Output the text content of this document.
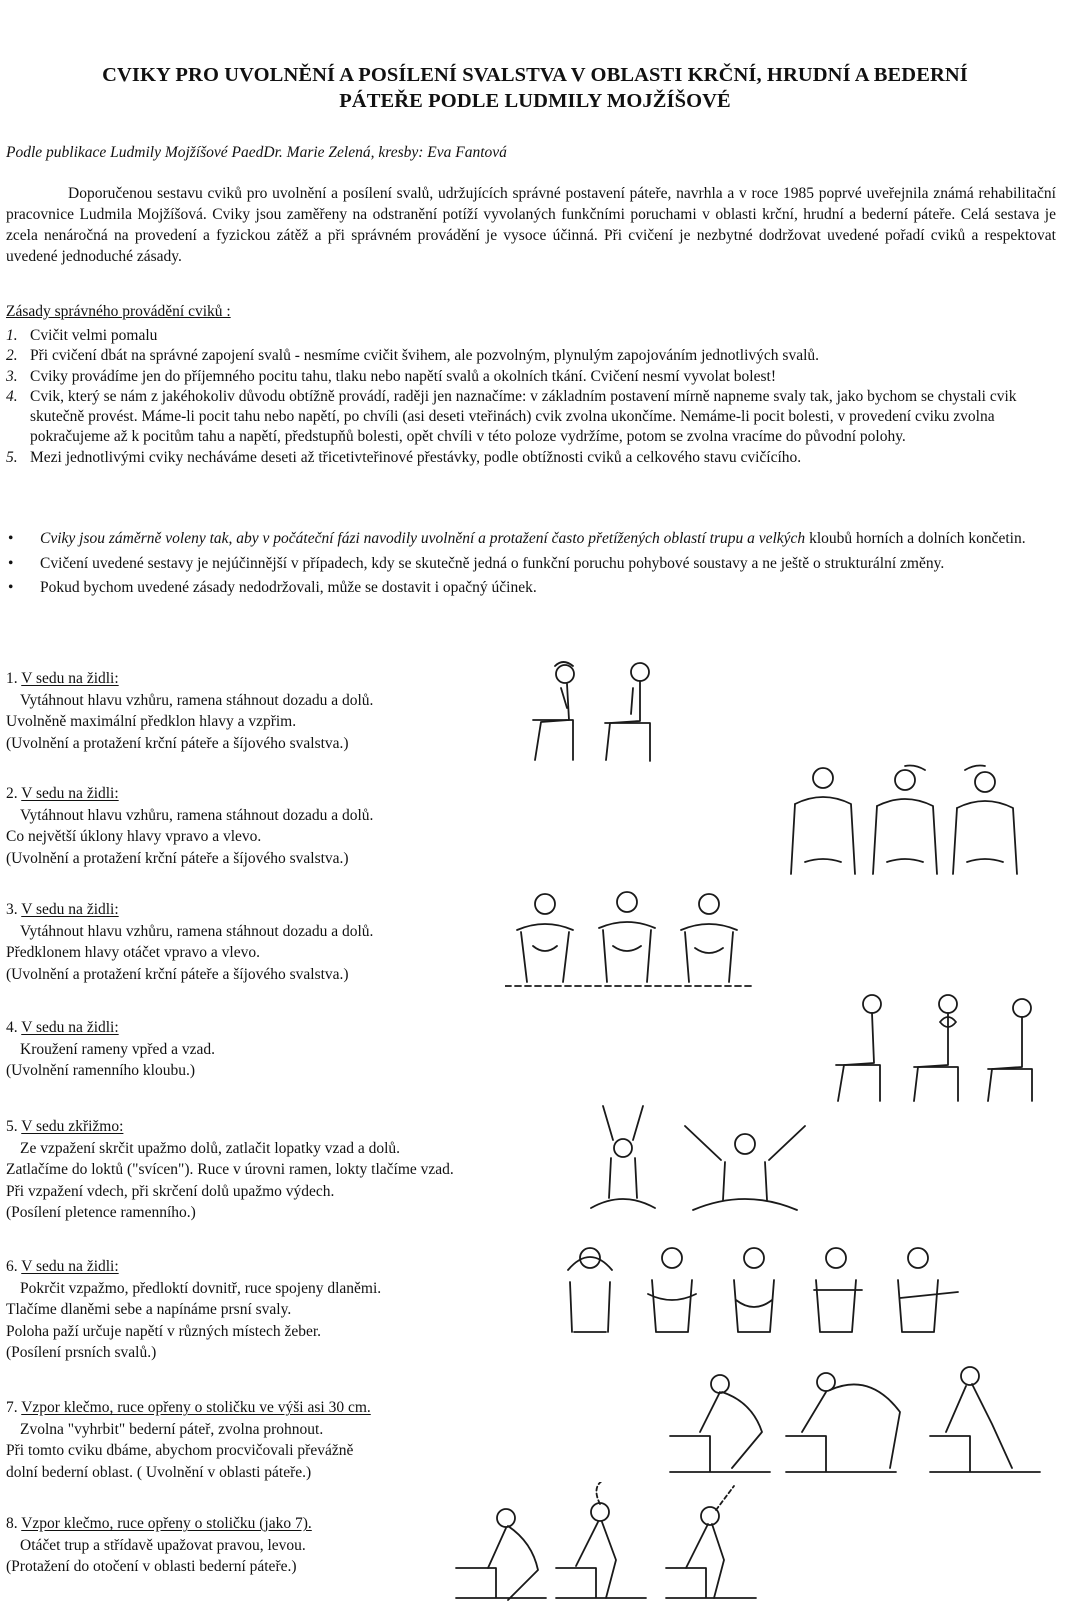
CVIKY PRO UVOLNĚNÍ A POSÍLENÍ SVALSTVA V OBLASTI KRČNÍ, HRUDNÍ A BEDERNÍ
PÁTEŘE PODLE LUDMILY MOJŽÍŠOVÉ
Podle publikace Ludmily Mojžíšové PaedDr. Marie Zelená, kresby: Eva Fantová

Doporučenou sestavu cviků pro uvolnění a posílení svalů, udržujících správné postavení páteře, navrhla a v roce 1985 poprvé uveřejnila známá rehabilitační pracovnice Ludmila Mojžíšová. Cviky jsou zaměřeny na odstranění potíží vyvolaných funkčními poruchami v oblasti krční, hrudní a bederní páteře. Celá sestava je zcela nenáročná na provedení a fyzickou zátěž a při správném provádění je vysoce účinná. Při cvičení je nezbytné dodržovat uvedené pořadí cviků a respektovat uvedené jednoduché zásady.

Zásady správného provádění cviků :
1. Cvičit velmi pomalu
2. Při cvičení dbát na správné zapojení svalů - nesmíme cvičit švihem, ale pozvolným, plynulým zapojováním jednotlivých svalů.
3. Cviky provádíme jen do příjemného pocitu tahu, tlaku nebo napětí svalů a okolních tkání. Cvičení nesmí vyvolat bolest!
4. Cvik, který se nám z jakéhokoliv důvodu obtížně provádí, raději jen naznačíme: v základním postavení mírně napneme svaly tak, jako bychom se chystali cvik skutečně provést. Máme-li pocit tahu nebo napětí, po chvíli (asi deseti vteřinách) cvik zvolna ukončíme. Nemáme-li pocit bolesti, v provedení cviku zvolna pokračujeme až k pocitům tahu a napětí, předstupňů bolesti, opět chvíli v této poloze vydržíme, potom se zvolna vracíme do původní polohy.
5. Mezi jednotlivými cviky necháváme deseti až třicetivteřinové přestávky, podle obtížnosti cviků a celkového stavu cvičícího.
• Cviky jsou záměrně voleny tak, aby v počáteční fázi navodily uvolnění a protažení často přetížených oblastí trupu a velkých kloubů horních a dolních končetin.
• Cvičení uvedené sestavy je nejúčinnější v případech, kdy se skutečně jedná o funkční poruchu pohybové soustavy a ne ještě o strukturální změny.
• Pokud bychom uvedené zásady nedodržovali, může se dostavit i opačný účinek.
1. V sedu na židli:
Vytáhnout hlavu vzhůru, ramena stáhnout dozadu a dolů.
Uvolněně maximální předklon hlavy a vzpřim.
(Uvolnění a protažení krční páteře a šíjového svalstva.)
2. V sedu na židli:
Vytáhnout hlavu vzhůru, ramena stáhnout dozadu a dolů.
Co největší úklony hlavy vpravo a vlevo.
(Uvolnění a protažení krční páteře a šíjového svalstva.)
3. V sedu na židli:
Vytáhnout hlavu vzhůru, ramena stáhnout dozadu a dolů.
Předklonem hlavy otáčet vpravo a vlevo.
(Uvolnění a protažení krční páteře a šíjového svalstva.)
4. V sedu na židli:
Kroužení rameny vpřed a vzad.
(Uvolnění ramenního kloubu.)
5. V sedu zkřižmo:
Ze vzpažení skrčit upažmo dolů, zatlačit lopatky vzad a dolů.
Zatlačíme do loktů ("svícen"). Ruce v úrovni ramen, lokty tlačíme vzad.
Při vzpažení vdech, při skrčení dolů upažmo výdech.
(Posílení pletence ramenního.)
6. V sedu na židli:
Pokrčit vzpažmo, předloktí dovnitř, ruce spojeny dlaněmi.
Tlačíme dlaněmi sebe a napínáme prsní svaly.
Poloha paží určuje napětí v různých místech žeber.
(Posílení prsních svalů.)
7. Vzpor klečmo, ruce opřeny o stoličku ve výši asi 30 cm.
Zvolna "vyhrbit" bederní páteř, zvolna prohnout.
Při tomto cviku dbáme, abychom procvičovali převážně
dolní bederní oblast. ( Uvolnění v oblasti páteře.)
8. Vzpor klečmo, ruce opřeny o stoličku (jako 7).
Otáčet trup a střídavě upažovat pravou, levou.
(Protažení do otočení v oblasti bederní páteře.)
